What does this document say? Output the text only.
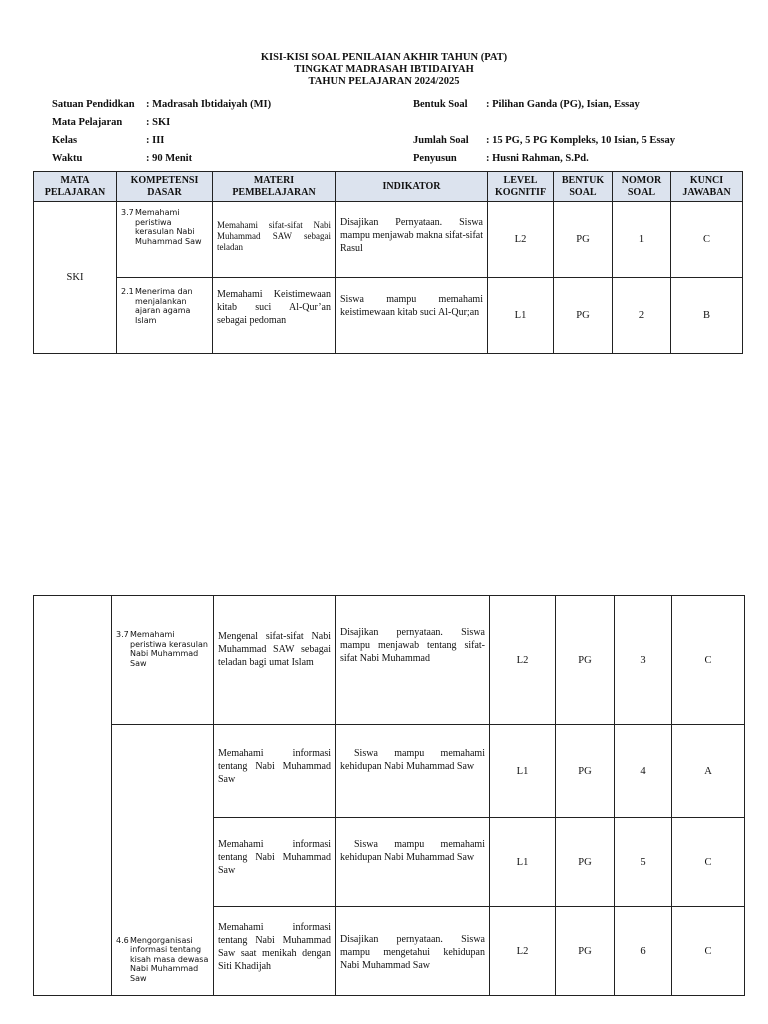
KISI-KISI SOAL PENILAIAN AKHIR TAHUN (PAT)
TINGKAT MADRASAH IBTIDAIYAH
TAHUN PELAJARAN 2024/2025
Satuan Pendidkan : Madrasah Ibtidaiyah (MI)
Mata Pelajaran : SKI
Kelas	: III
Waktu	: 90 Menit
Bentuk Soal : Pilihan Ganda (PG), Isian, Essay
Jumlah Soal : 15 PG, 5 PG Kompleks, 10 Isian, 5 Essay
Penyusun	: Husni Rahman, S.Pd.
MATA PELAJARAN	KOMPETENSI DASAR	MATERI PEMBELAJARAN	INDIKATOR	LEVEL KOGNITIF	BENTUK SOAL	NOMOR SOAL	KUNCI JAWABAN
SKI	3.7 Memahami peristiwa kerasulan Nabi Muhammad Saw	Memahami sifat-sifat Nabi Muhammad SAW sebagai teladan	Disajikan Pernyataan. Siswa mampu menjawab makna sifat-sifat Rasul	L2	PG	1	C

	2.1 Menerima dan menjalankan ajaran agama Islam	Memahami Keistimewaan kitab suci Al-Qur’an sebagai pedoman	Siswa mampu memahami keistimewaan kitab suci Al-Qur;an	L1	PG	2	B

	3.7 Memahami peristiwa kerasulan Nabi Muhammad Saw	Mengenal sifat-sifat Nabi Muhammad SAW sebagai teladan bagi umat Islam	Disajikan pernyataan. Siswa mampu menjawab tentang sifat-sifat Nabi Muhammad	L2	PG	3	C

	4.6 Mengorganisasi informasi tentang kisah masa dewasa Nabi Muhammad Saw	Memahami informasi tentang Nabi Muhammad Saw	Siswa mampu memahami kehidupan Nabi Muhammad Saw	L1	PG	4	A

		Memahami informasi tentang Nabi Muhammad Saw	Siswa mampu memahami kehidupan Nabi Muhammad Saw	L1	PG	5	C

		Memahami informasi tentang Nabi Muhammad Saw saat menikah dengan Siti Khadijah	Disajikan pernyataan. Siswa mampu mengetahui kehidupan Nabi Muhammad Saw	L2	PG	6	C
